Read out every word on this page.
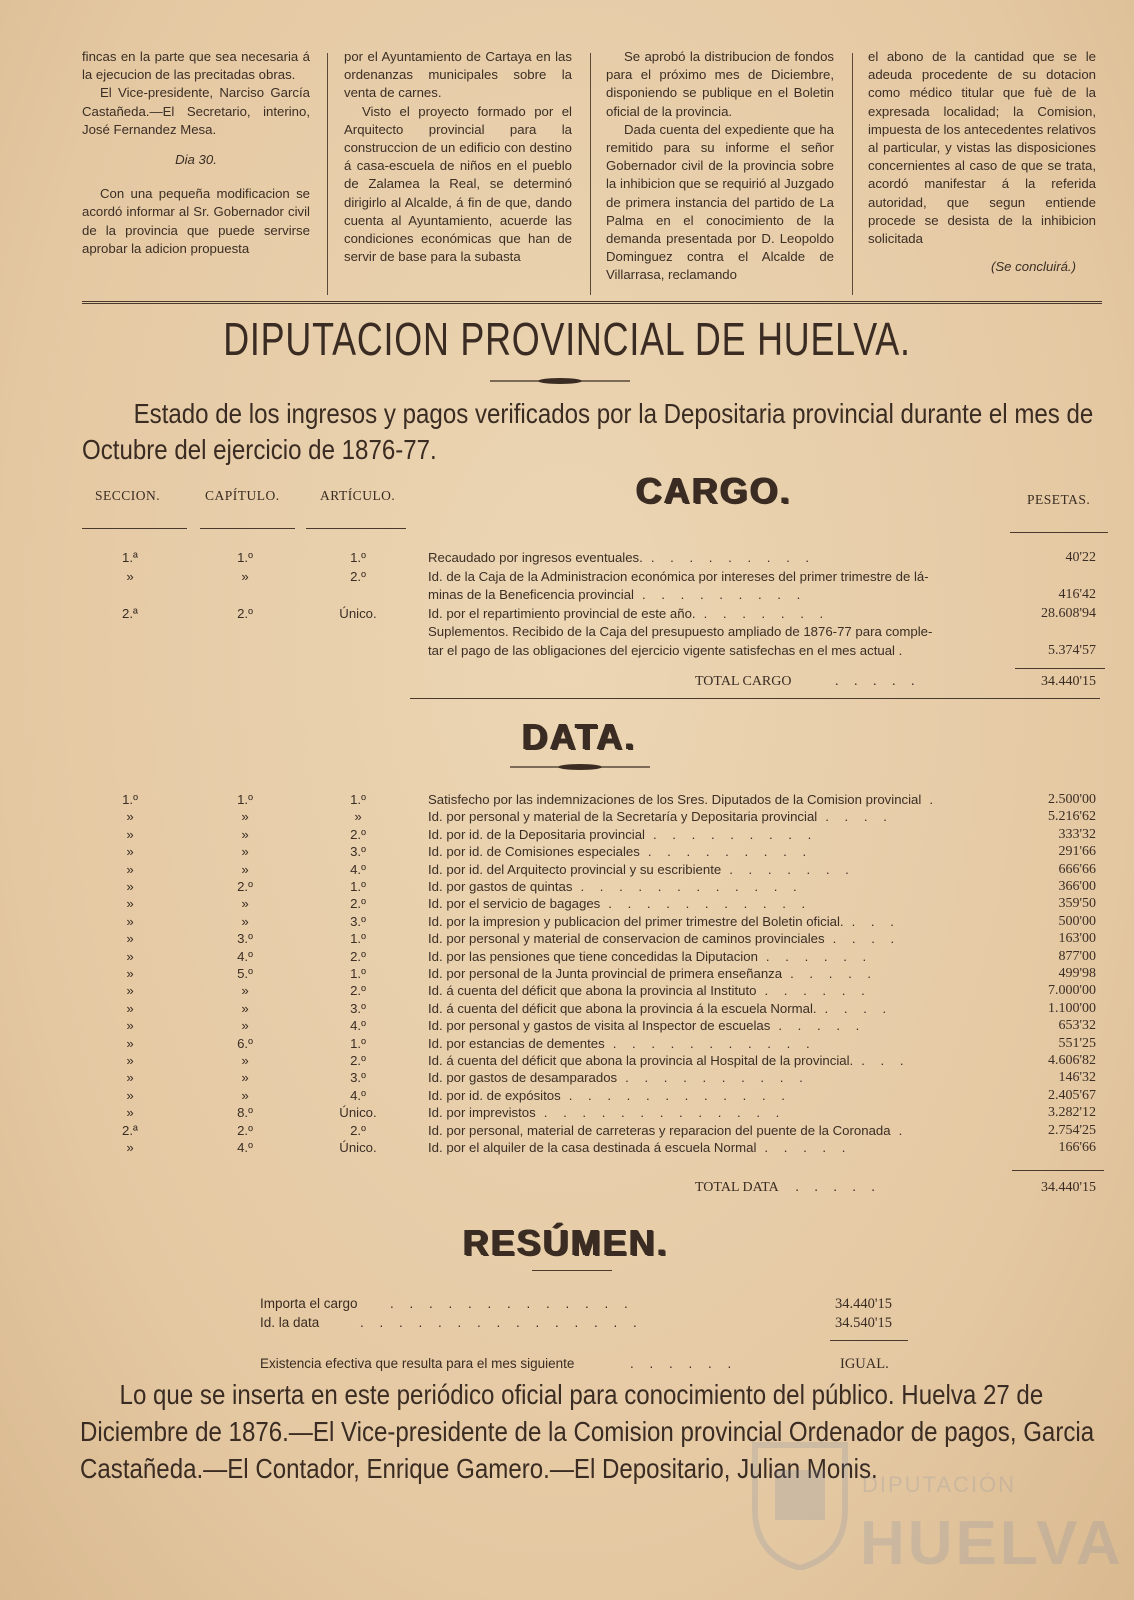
fincas en la parte que sea necesaria á la ejecucion de las precitadas obras.

El Vice-presidente, Narciso García Castañeda.—El Secretario, interino, José Fernandez Mesa.

Dia 30.

Con una pequeña modificacion se acordó informar al Sr. Gobernador civil de la provincia que puede servirse aprobar la adicion propuesta

por el Ayuntamiento de Cartaya en las ordenanzas municipales sobre la venta de carnes.

Visto el proyecto formado por el Arquitecto provincial para la construccion de un edificio con destino á casa-escuela de niños en el pueblo de Zalamea la Real, se determinó dirigirlo al Alcalde, á fin de que, dando cuenta al Ayuntamiento, acuerde las condiciones económicas que han de servir de base para la subasta

Se aprobó la distribucion de fondos para el próximo mes de Diciembre, disponiendo se publique en el Boletin oficial de la provincia.

Dada cuenta del expediente que ha remitido para su informe el señor Gobernador civil de la provincia sobre la inhibicion que se requirió al Juzgado de primera instancia del partido de La Palma en el conocimiento de la demanda presentada por D. Leopoldo Dominguez contra el Alcalde de Villarrasa, reclamando

el abono de la cantidad que se le adeuda procedente de su dotacion como médico titular que fuè de la expresada localidad; la Comision, impuesta de los antecedentes relativos al particular, y vistas las disposiciones concernientes al caso de que se trata, acordó manifestar á la referida autoridad, que segun entiende procede se desista de la inhibicion solicitada

(Se concluirá.)

DIPUTACION PROVINCIAL DE HUELVA.
Estado de los ingresos y pagos verificados por la Depositaria provincial durante el mes de Octubre del ejercicio de 1876-77.
SECCION.	CAPÍTULO.	ARTÍCULO.	CARGO.	PESETAS.
1.ª	1.º	1.º	Recaudado por ingresos eventuales. . . . . . . . . .	40'22
»	»	2.º	Id. de la Caja de la Administracion económica por intereses del primer trimestre de lá-
minas de la Beneficencia provincial . . . . . . . . .	416'42
2.ª	2.º	Único.	Id. por el repartimiento provincial de este año. . . . . . . .	28.608'94
Suplementos. Recibido de la Caja del presupuesto ampliado de 1876-77 para comple-
tar el pago de las obligaciones del ejercicio vigente satisfechas en el mes actual .	5.374'57
TOTAL CARGO	. . . . .	34.440'15
DATA.
1.º	1.º	1.º	Satisfecho por las indemnizaciones de los Sres. Diputados de la Comision provincial .	2.500'00
»	»	»	Id. por personal y material de la Secretaría y Depositaria provincial . . . .	5.216'62
»	»	2.º	Id. por id. de la Depositaria provincial . . . . . . . . .	333'32
»	»	3.º	Id. por id. de Comisiones especiales . . . . . . . . .	291'66
»	»	4.º	Id. por id. del Arquitecto provincial y su escribiente . . . . . . .	666'66
»	2.º	1.º	Id. por gastos de quintas . . . . . . . . . . . .	366'00
»	»	2.º	Id. por el servicio de bagages . . . . . . . . . . .	359'50
»	»	3.º	Id. por la impresion y publicacion del primer trimestre del Boletin oficial. . . .	500'00
»	3.º	1.º	Id. por personal y material de conservacion de caminos provinciales . . . .	163'00
»	4.º	2.º	Id. por las pensiones que tiene concedidas la Diputacion . . . . . .	877'00
»	5.º	1.º	Id. por personal de la Junta provincial de primera enseñanza . . . . .	499'98
»	»	2.º	Id. á cuenta del déficit que abona la provincia al Instituto . . . . . .	7.000'00
»	»	3.º	Id. á cuenta del déficit que abona la provincia á la escuela Normal. . . . .	1.100'00
»	»	4.º	Id. por personal y gastos de visita al Inspector de escuelas . . . . .	653'32
»	6.º	1.º	Id. por estancias de dementes . . . . . . . . . . .	551'25
»	»	2.º	Id. á cuenta del déficit que abona la provincia al Hospital de la provincial. . . .	4.606'82
»	»	3.º	Id. por gastos de desamparados . . . . . . . . . .	146'32
»	»	4.º	Id. por id. de expósitos . . . . . . . . . . . .	2.405'67
»	8.º	Único.	Id. por imprevistos . . . . . . . . . . . . .	3.282'12
2.ª	2.º	2.º	Id. por personal, material de carreteras y reparacion del puente de la Coronada .	2.754'25
»	4.º	Único.	Id. por el alquiler de la casa destinada á escuela Normal . . . . .	166'66
TOTAL DATA . . . . .	34.440'15
RESÚMEN.
Importa el cargo . . . . . . . . . . . . .	34.440'15
Id. la data	. . . . . . . . . . . . . . .	34.540'15
Existencia efectiva que resulta para el mes siguiente	. . . . . .	IGUAL.
Lo que se inserta en este periódico oficial para conocimiento del público. Huelva 27 de Diciembre de 1876.—El Vice-presidente de la Comision provincial Ordenador de pagos, Garcia Castañeda.—El Contador, Enrique Gamero.—El Depositario, Julian Monis.
DIPUTACIÓN
HUELVA
